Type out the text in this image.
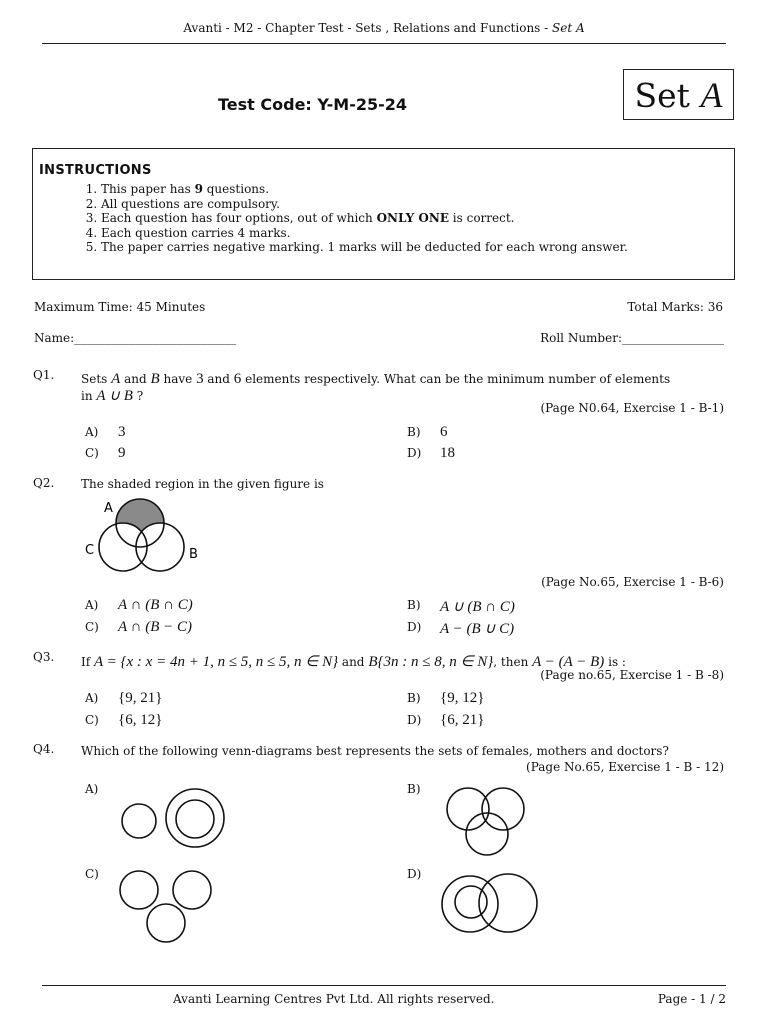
Avanti - M2 - Chapter Test - Sets , Relations and Functions - Set A
Test Code: Y-M-25-24	Set A
INSTRUCTIONS
1. This paper has 9 questions.
2. All questions are compulsory.
3. Each question has four options, out of which ONLY ONE is correct.
4. Each question carries 4 marks.
5. The paper carries negative marking. 1 marks will be deducted for each wrong answer.
Maximum Time: 45 Minutes	Total Marks: 36
Name:___________________________	Roll Number:_________________
Q1. Sets A and B have 3 and 6 elements respectively. What can be the minimum number of elements
in A ∪ B ?
(Page N0.64, Exercise 1 - B-1)
A) 3	B) 6
C) 9	D) 18
Q2. The shaded region in the given figure is
A
C	B
(Page No.65, Exercise 1 - B-6)
A) A ∩ (B ∩ C)	B) A ∪ (B ∩ C)
C) A ∩ (B − C)	D) A − (B ∪ C)
Q3. If A = {x : x = 4n + 1, n ≤ 5, n ≤ 5, n ∈ N} and B{3n : n ≤ 8, n ∈ N}, then A − (A − B) is :
(Page no.65, Exercise 1 - B -8)
A) {9, 21}	B) {9, 12}
C) {6, 12}	D) {6, 21}
Q4. Which of the following venn-diagrams best represents the sets of females, mothers and doctors?
(Page No.65, Exercise 1 - B - 12)
A)	B)
C)	D)
Avanti Learning Centres Pvt Ltd. All rights reserved.	Page - 1 / 2
